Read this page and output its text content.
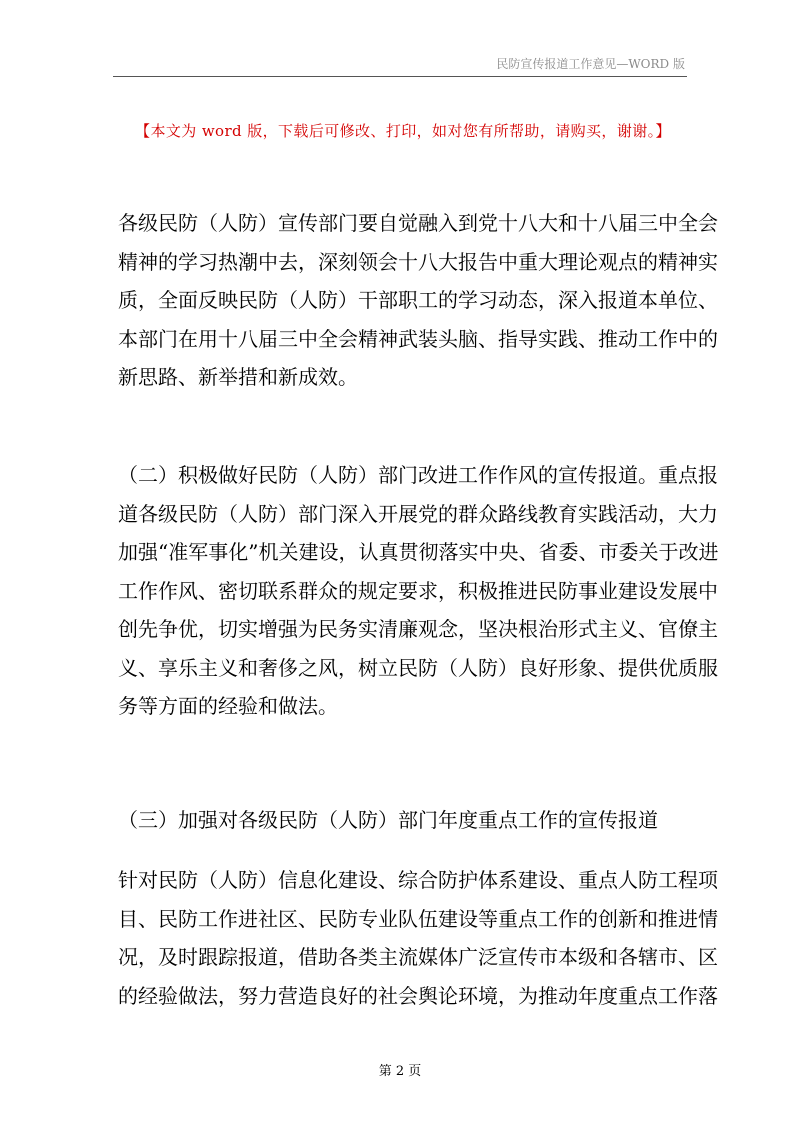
民防宣传报道工作意见—WORD 版
【本文为 word 版，下载后可修改、打印，如对您有所帮助，请购买，谢谢。】

各级民防（人防）宣传部门要自觉融入到党十八大和十八届三中全会
精神的学习热潮中去，深刻领会十八大报告中重大理论观点的精神实
质，全面反映民防（人防）干部职工的学习动态，深入报道本单位、
本部门在用十八届三中全会精神武装头脑、指导实践、推动工作中的
新思路、新举措和新成效。

（二）积极做好民防（人防）部门改进工作作风的宣传报道。重点报
道各级民防（人防）部门深入开展党的群众路线教育实践活动，大力
加强“准军事化”机关建设，认真贯彻落实中央、省委、市委关于改进
工作作风、密切联系群众的规定要求，积极推进民防事业建设发展中
创先争优，切实增强为民务实清廉观念，坚决根治形式主义、官僚主
义、享乐主义和奢侈之风，树立民防（人防）良好形象、提供优质服
务等方面的经验和做法。

（三）加强对各级民防（人防）部门年度重点工作的宣传报道

针对民防（人防）信息化建设、综合防护体系建设、重点人防工程项
目、民防工作进社区、民防专业队伍建设等重点工作的创新和推进情
况，及时跟踪报道，借助各类主流媒体广泛宣传市本级和各辖市、区
的经验做法，努力营造良好的社会舆论环境，为推动年度重点工作落

第 2 页
